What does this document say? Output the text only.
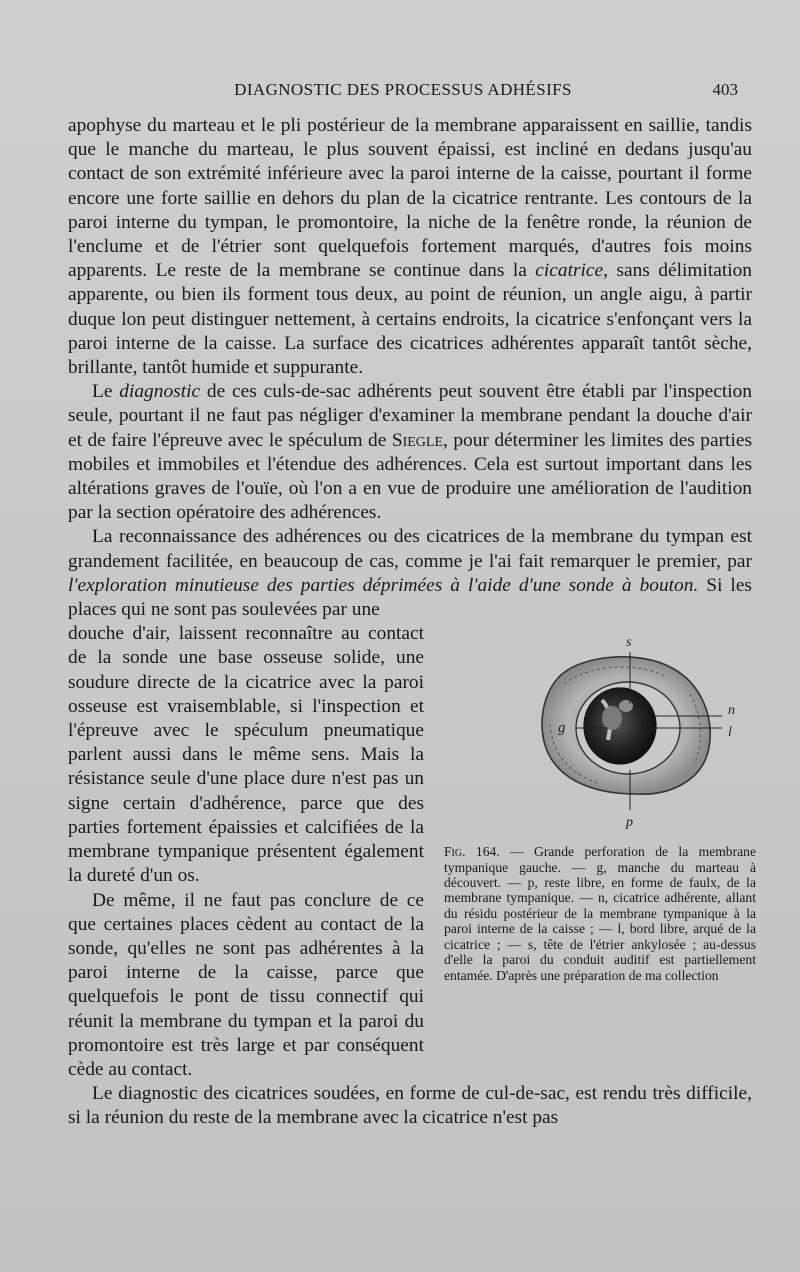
DIAGNOSTIC DES PROCESSUS ADHÉSIFS	403

apophyse du marteau et le pli postérieur de la membrane apparaissent en saillie, tandis que le manche du marteau, le plus souvent épaissi, est incliné en dedans jusqu'au contact de son extrémité inférieure avec la paroi interne de la caisse, pourtant il forme encore une forte saillie en dehors du plan de la cicatrice rentrante. Les contours de la paroi interne du tympan, le promontoire, la niche de la fenêtre ronde, la réunion de l'enclume et de l'étrier sont quelquefois fortement marqués, d'autres fois moins apparents. Le reste de la membrane se continue dans la cicatrice, sans délimitation apparente, ou bien ils forment tous deux, au point de réunion, un angle aigu, à partir duque lon peut distinguer nettement, à certains endroits, la cicatrice s'enfonçant vers la paroi interne de la caisse. La surface des cicatrices adhérentes apparaît tantôt sèche, brillante, tantôt humide et suppurante.

Le diagnostic de ces culs-de-sac adhérents peut souvent être établi par l'inspection seule, pourtant il ne faut pas négliger d'examiner la membrane pendant la douche d'air et de faire l'épreuve avec le spéculum de Siegle, pour déterminer les limites des parties mobiles et immobiles et l'étendue des adhérences. Cela est surtout important dans les altérations graves de l'ouïe, où l'on a en vue de produire une amélioration de l'audition par la section opératoire des adhérences.

La reconnaissance des adhérences ou des cicatrices de la membrane du tympan est grandement facilitée, en beaucoup de cas, comme je l'ai fait remarquer le premier, par l'exploration minutieuse des parties déprimées à l'aide d'une sonde à bouton. Si les places qui ne sont pas soulevées par une

douche d'air, laissent reconnaître au contact de la sonde une base osseuse solide, une soudure directe de la cicatrice avec la paroi osseuse est vraisemblable, si l'inspection et l'épreuve avec le spéculum pneumatique parlent aussi dans le même sens. Mais la résistance seule d'une place dure n'est pas un signe certain d'adhérence, parce que des parties fortement épaissies et calcifiées de la membrane tympanique présentent également la dureté d'un os.

De même, il ne faut pas conclure de ce que certaines places cèdent au contact de la sonde, qu'elles ne sont pas adhérentes à la paroi interne de la caisse, parce que quelquefois le pont de tissu connectif qui réunit la membrane du tympan et la paroi du promontoire est très large et par conséquent cède au contact.

s
g
n
l
p
Fig. 164. — Grande perforation de la membrane tympanique gauche. — g, manche du marteau à découvert. — p, reste libre, en forme de faulx, de la membrane tympanique. — n, cicatrice adhérente, allant du résidu postérieur de la membrane tympanique à la paroi interne de la caisse ; — l, bord libre, arqué de la cicatrice ; — s, tête de l'étrier ankylosée ; au-dessus d'elle la paroi du conduit auditif est partiellement entamée. D'après une préparation de ma collection

Le diagnostic des cicatrices soudées, en forme de cul-de-sac, est rendu très difficile, si la réunion du reste de la membrane avec la cicatrice n'est pas
